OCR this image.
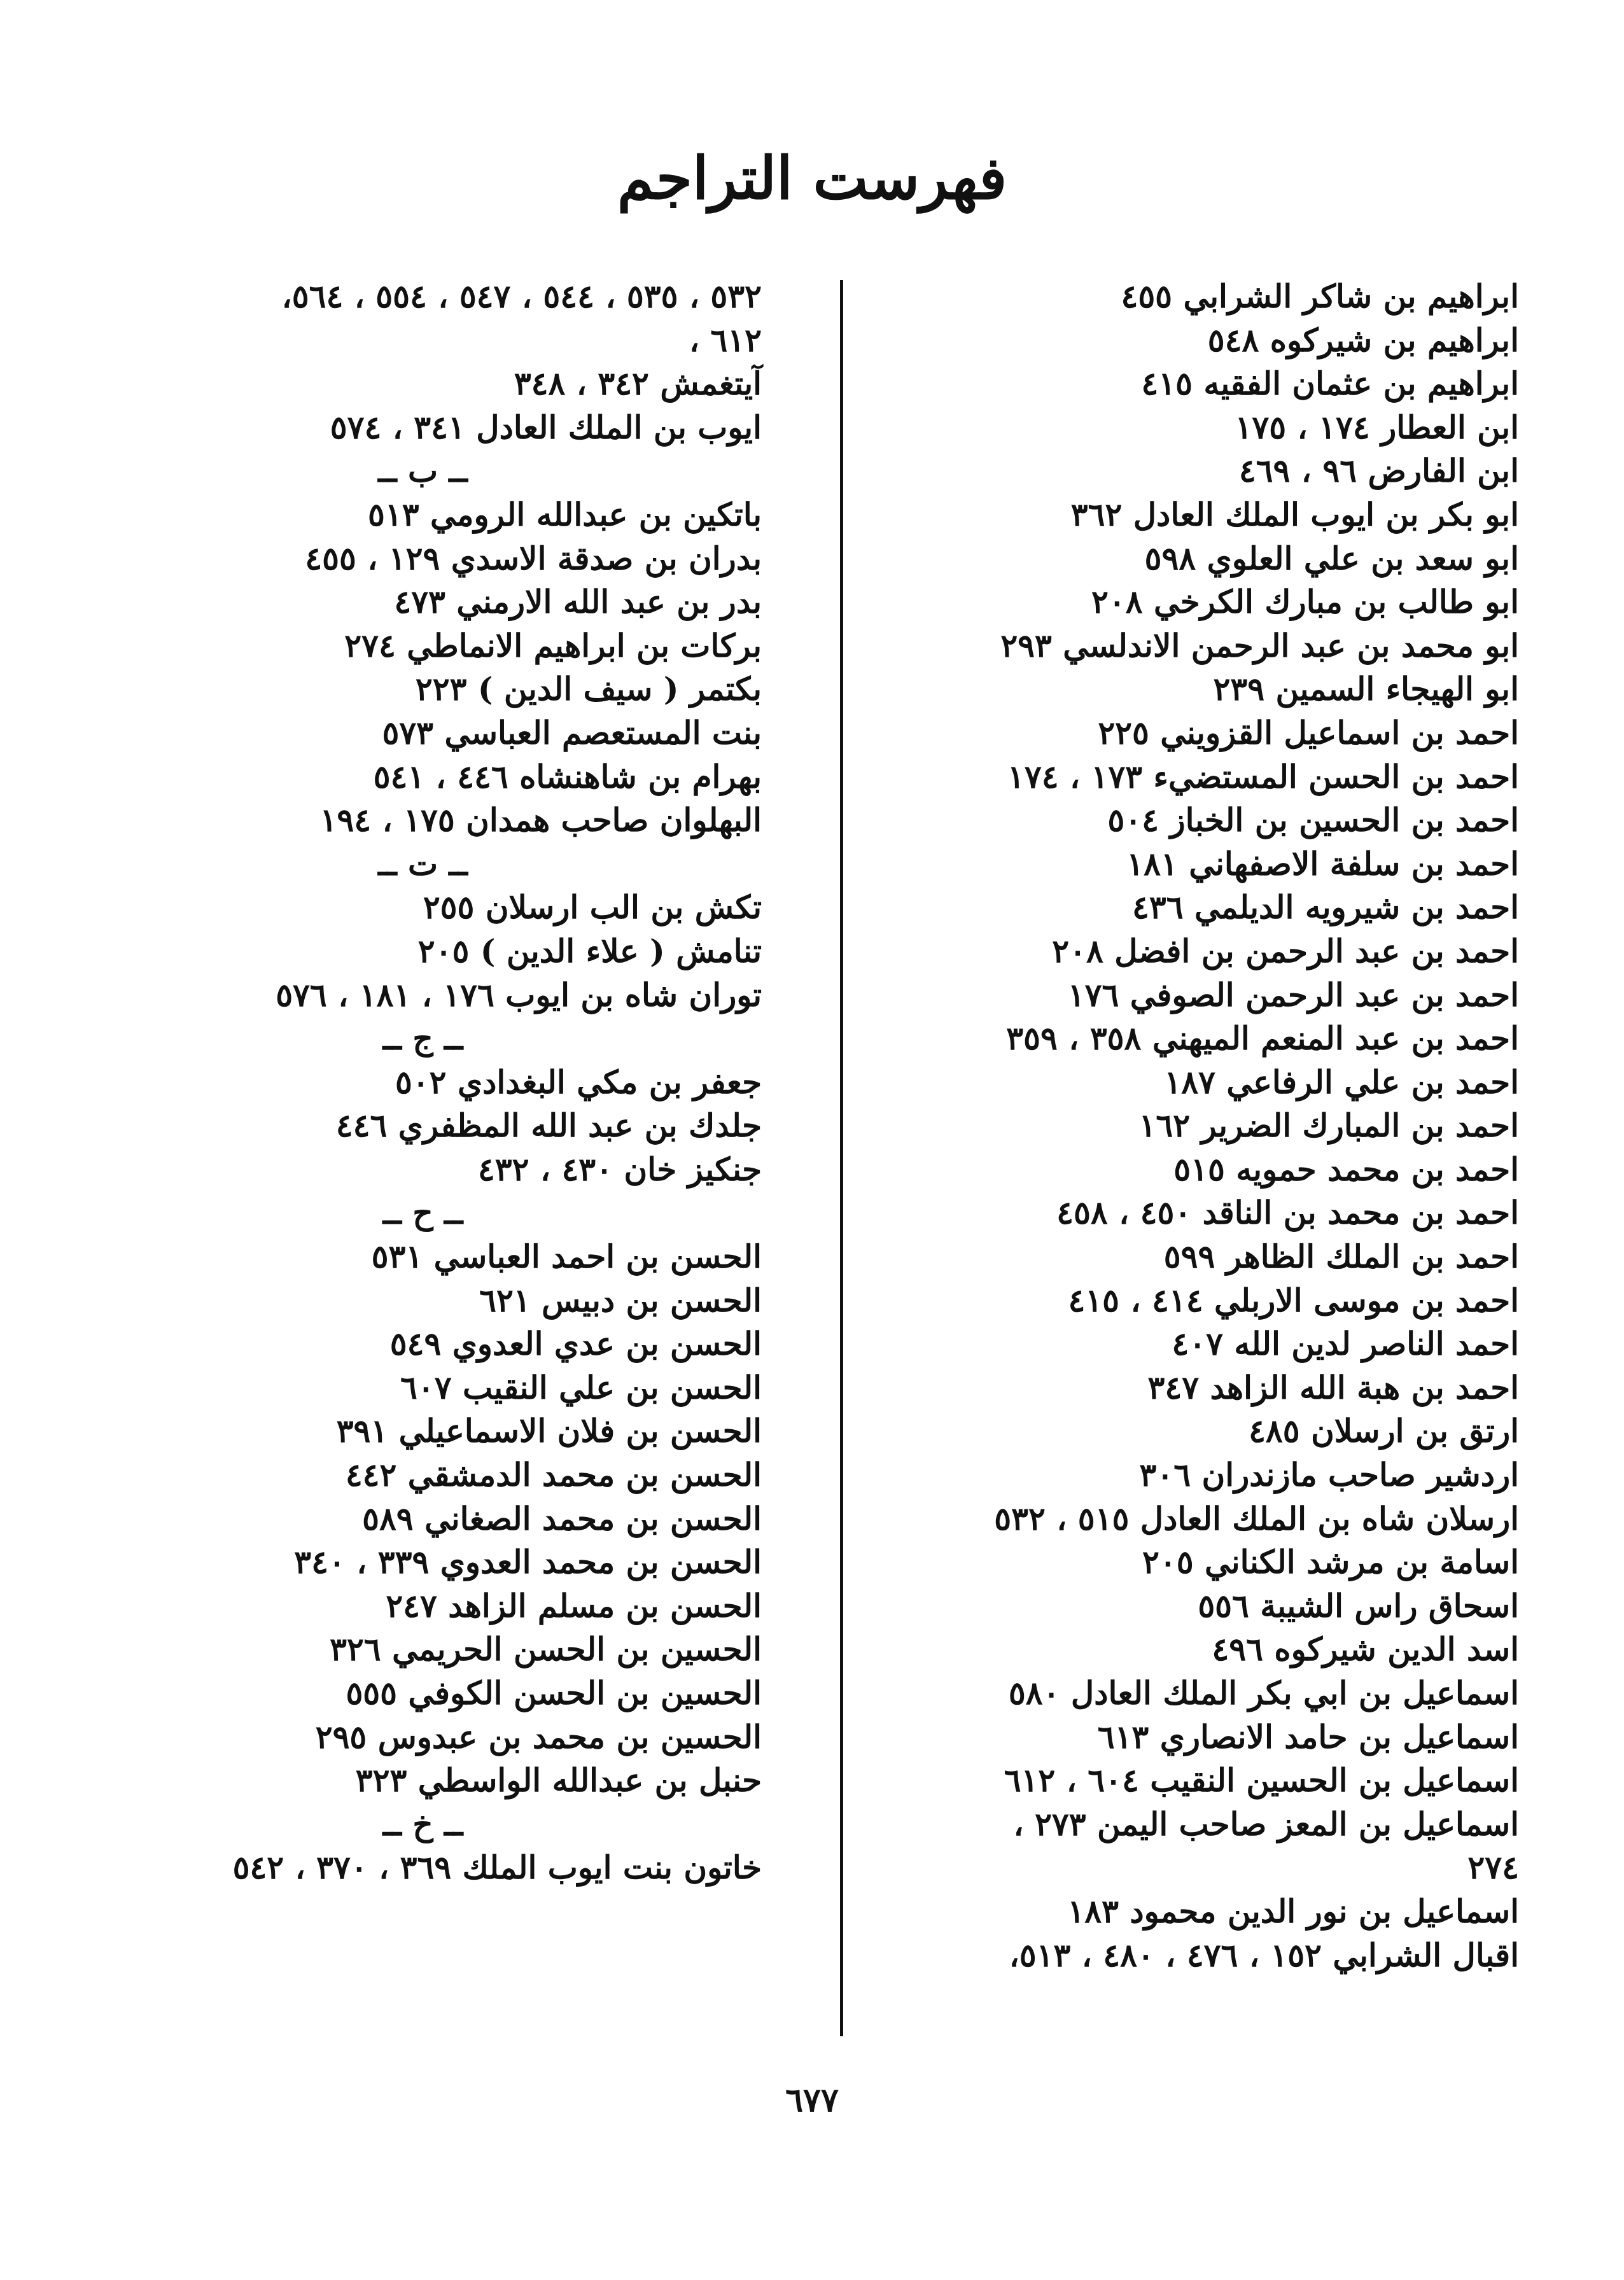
فهرست التراجم
ابراهيم بن شاكر الشرابي ٤٥٥
ابراهيم بن شيركوه ٥٤٨
ابراهيم بن عثمان الفقيه ٤١٥
ابن العطار ١٧٤ ، ١٧٥
ابن الفارض ٩٦ ، ٤٦٩
ابو بكر بن ايوب الملك العادل ٣٦٢
ابو سعد بن علي العلوي ٥٩٨
ابو طالب بن مبارك الكرخي ٢٠٨
ابو محمد بن عبد الرحمن الاندلسي ٢٩٣
ابو الهيجاء السمين ٢٣٩
احمد بن اسماعيل القزويني ٢٢٥
احمد بن الحسن المستضيء ١٧٣ ، ١٧٤
احمد بن الحسين بن الخباز ٥٠٤
احمد بن سلفة الاصفهاني ١٨١
احمد بن شيرويه الديلمي ٤٣٦
احمد بن عبد الرحمن بن افضل ٢٠٨
احمد بن عبد الرحمن الصوفي ١٧٦
احمد بن عبد المنعم الميهني ٣٥٨ ، ٣٥٩
احمد بن علي الرفاعي ١٨٧
احمد بن المبارك الضرير ١٦٢
احمد بن محمد حمويه ٥١٥
احمد بن محمد بن الناقد ٤٥٠ ، ٤٥٨
احمد بن الملك الظاهر ٥٩٩
احمد بن موسى الاربلي ٤١٤ ، ٤١٥
احمد الناصر لدين الله ٤٠٧
احمد بن هبة الله الزاهد ٣٤٧
ارتق بن ارسلان ٤٨٥
اردشير صاحب مازندران ٣٠٦
ارسلان شاه بن الملك العادل ٥١٥ ، ٥٣٢
اسامة بن مرشد الكناني ٢٠٥
اسحاق راس الشيبة ٥٥٦
اسد الدين شيركوه ٤٩٦
اسماعيل بن ابي بكر الملك العادل ٥٨٠
اسماعيل بن حامد الانصاري ٦١٣
اسماعيل بن الحسين النقيب ٦٠٤ ، ٦١٢
اسماعيل بن المعز صاحب اليمن ٢٧٣ ،
٢٧٤
اسماعيل بن نور الدين محمود ١٨٣
اقبال الشرابي ١٥٢ ، ٤٧٦ ، ٤٨٠ ، ٥١٣،
٥٣٢ ، ٥٣٥ ، ٥٤٤ ، ٥٤٧ ، ٥٥٤ ، ٥٦٤،
٦١٢ ،
آيتغمش ٣٤٢ ، ٣٤٨
ايوب بن الملك العادل ٣٤١ ، ٥٧٤
ــ ب ــ
باتكين بن عبدالله الرومي ٥١٣
بدران بن صدقة الاسدي ١٢٩ ، ٤٥٥
بدر بن عبد الله الارمني ٤٧٣
بركات بن ابراهيم الانماطي ٢٧٤
بكتمر ( سيف الدين ) ٢٢٣
بنت المستعصم العباسي ٥٧٣
بهرام بن شاهنشاه ٤٤٦ ، ٥٤١
البهلوان صاحب همدان ١٧٥ ، ١٩٤
ــ ت ــ
تكش بن الب ارسلان ٢٥٥
تنامش ( علاء الدين ) ٢٠٥
توران شاه بن ايوب ١٧٦ ، ١٨١ ، ٥٧٦
ــ ج ــ
جعفر بن مكي البغدادي ٥٠٢
جلدك بن عبد الله المظفري ٤٤٦
جنكيز خان ٤٣٠ ، ٤٣٢
ــ ح ــ
الحسن بن احمد العباسي ٥٣١
الحسن بن دبيس ٦٢١
الحسن بن عدي العدوي ٥٤٩
الحسن بن علي النقيب ٦٠٧
الحسن بن فلان الاسماعيلي ٣٩١
الحسن بن محمد الدمشقي ٤٤٢
الحسن بن محمد الصغاني ٥٨٩
الحسن بن محمد العدوي ٣٣٩ ، ٣٤٠
الحسن بن مسلم الزاهد ٢٤٧
الحسين بن الحسن الحريمي ٣٢٦
الحسين بن الحسن الكوفي ٥٥٥
الحسين بن محمد بن عبدوس ٢٩٥
حنبل بن عبدالله الواسطي ٣٢٣
ــ خ ــ
خاتون بنت ايوب الملك ٣٦٩ ، ٣٧٠ ، ٥٤٢
٦٧٧
